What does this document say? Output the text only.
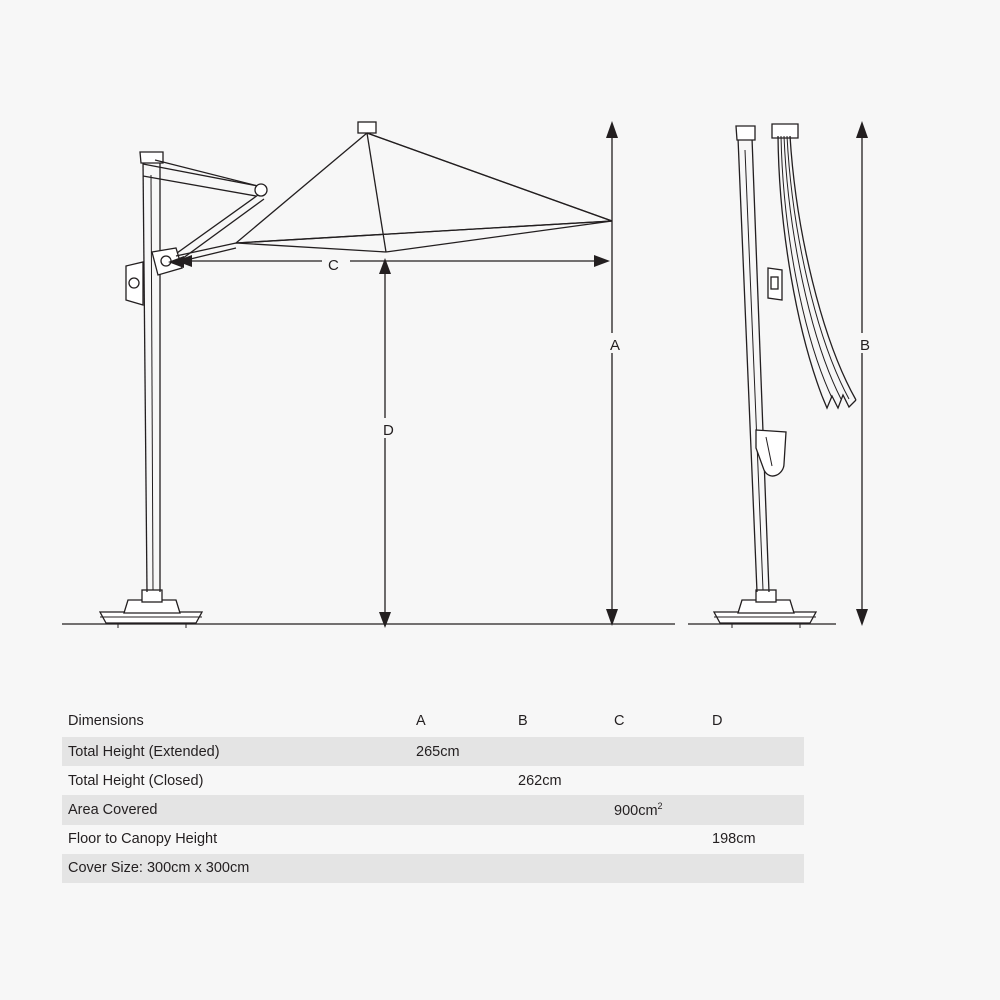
C
D
A	B
Dimensions	A	B	C	D
Total Height (Extended)	265cm			
Total Height (Closed)		262cm		
Area Covered			$900cm^2$	
Floor to Canopy Height				198cm
Cover Size: 300cm x 300cm				
